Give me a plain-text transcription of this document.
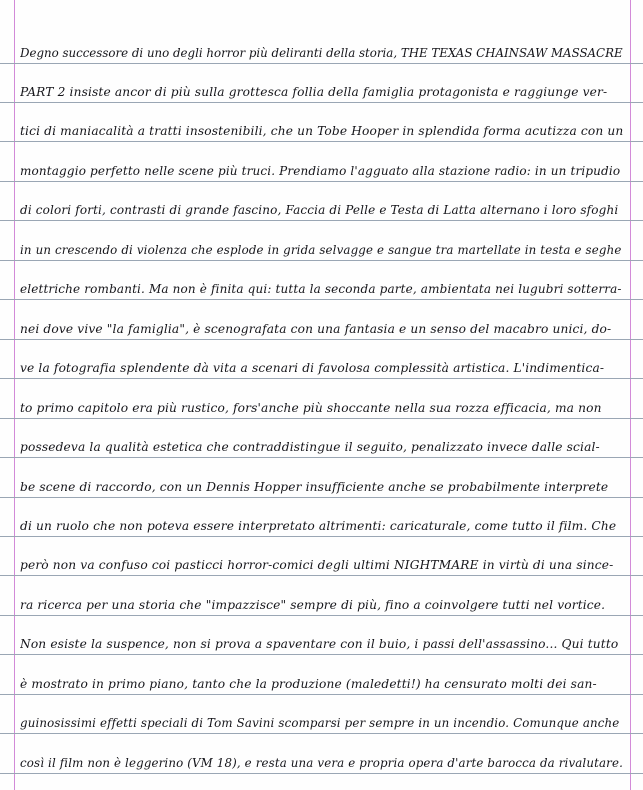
Degno successore di uno degli horror più deliranti della storia, THE TEXAS CHAINSAW MASSACRE

PART 2 insiste ancor di più sulla grottesca follia della famiglia protagonista e raggiunge ver-

tici di maniacalità a tratti insostenibili, che un Tobe Hooper in splendida forma acutizza con un

montaggio perfetto nelle scene più truci. Prendiamo l'agguato alla stazione radio: in un tripudio

di colori forti, contrasti di grande fascino, Faccia di Pelle e Testa di Latta alternano i loro sfoghi

in un crescendo di violenza che esplode in grida selvagge e sangue tra martellate in testa e seghe

elettriche rombanti. Ma non è finita qui: tutta la seconda parte, ambientata nei lugubri sotterra-

nei dove vive "la famiglia", è scenografata con una fantasia e un senso del macabro unici, do-

ve la fotografia splendente dà vita a scenari di favolosa complessità artistica. L'indimentica-

to primo capitolo era più rustico, fors'anche più shoccante nella sua rozza efficacia, ma non

possedeva la qualità estetica che contraddistingue il seguito, penalizzato invece dalle scial-

be scene di raccordo, con un Dennis Hopper insufficiente anche se probabilmente interprete

di un ruolo che non poteva essere interpretato altrimenti: caricaturale, come tutto il film. Che

però non va confuso coi pasticci horror-comici degli ultimi NIGHTMARE in virtù di una since-

ra ricerca per una storia che "impazzisce" sempre di più, fino a coinvolgere tutti nel vortice.

Non esiste la suspence, non si prova a spaventare con il buio, i passi dell'assassino... Qui tutto

è mostrato in primo piano, tanto che la produzione (maledetti!) ha censurato molti dei san-

guinosissimi effetti speciali di Tom Savini scomparsi per sempre in un incendio. Comunque anche

così il film non è leggerino (VM 18), e resta una vera e propria opera d'arte barocca da rivalutare.
